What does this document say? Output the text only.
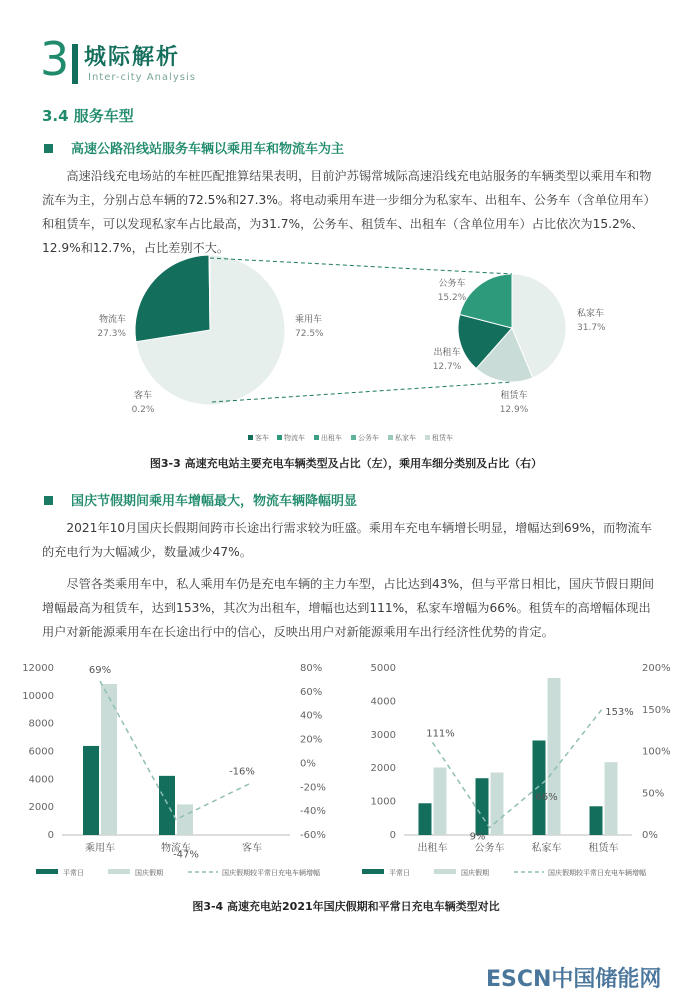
3 城际解析
Inter-city Analysis
3.4 服务车型
高速公路沿线站服务车辆以乘用车和物流车为主
高速沿线充电场站的车桩匹配推算结果表明，目前沪苏锡常城际高速沿线充电站服务的车辆类型以乘用车和物流车为主，分别占总车辆的72.5%和27.3%。将电动乘用车进一步细分为私家车、出租车、公务车（含单位用车）和租赁车，可以发现私家车占比最高，为31.7%，公务车、租赁车、出租车（含单位用车）占比依次为15.2%、12.9%和12.7%，占比差别不大。
乘用车
72.5%
物流车
27.3%
客车
0.2%
私家车
31.7%
租赁车
12.9%
出租车
12.7%
公务车
15.2%
客车 物流车 出租车 公务车 私家车 租赁车
图3-3 高速充电站主要充电车辆类型及占比（左），乘用车细分类别及占比（右）
国庆节假期间乘用车增幅最大，物流车辆降幅明显
2021年10月国庆长假期间跨市长途出行需求较为旺盛。乘用车充电车辆增长明显，增幅达到69%，而物流车的充电行为大幅减少，数量减少47%。
尽管各类乘用车中，私人乘用车仍是充电车辆的主力车型，占比达到43%，但与平常日相比，国庆节假日期间增幅最高为租赁车，达到153%，其次为出租车，增幅也达到111%，私家车增幅为66%。租赁车的高增幅体现出用户对新能源乘用车在长途出行中的信心，反映出用户对新能源乘用车出行经济性优势的肯定。
0
2000
4000
6000
8000
10000
12000
-60%
-40%
-20%
0%
20%
40%
60%
80%
乘用车	物流车	客车
69%
-47%
-16%
平常日	国庆假期	国庆假期较平常日充电车辆增幅
0
1000
2000
3000
4000
5000
0%
50%
100%
150%
200%
出租车	公务车	私家车	租赁车
111%
9%
66%
153%
平常日	国庆假期	国庆假期较平常日充电车辆增幅
图3-4 高速充电站2021年国庆假期和平常日充电车辆类型对比
ESCN中国储能网
